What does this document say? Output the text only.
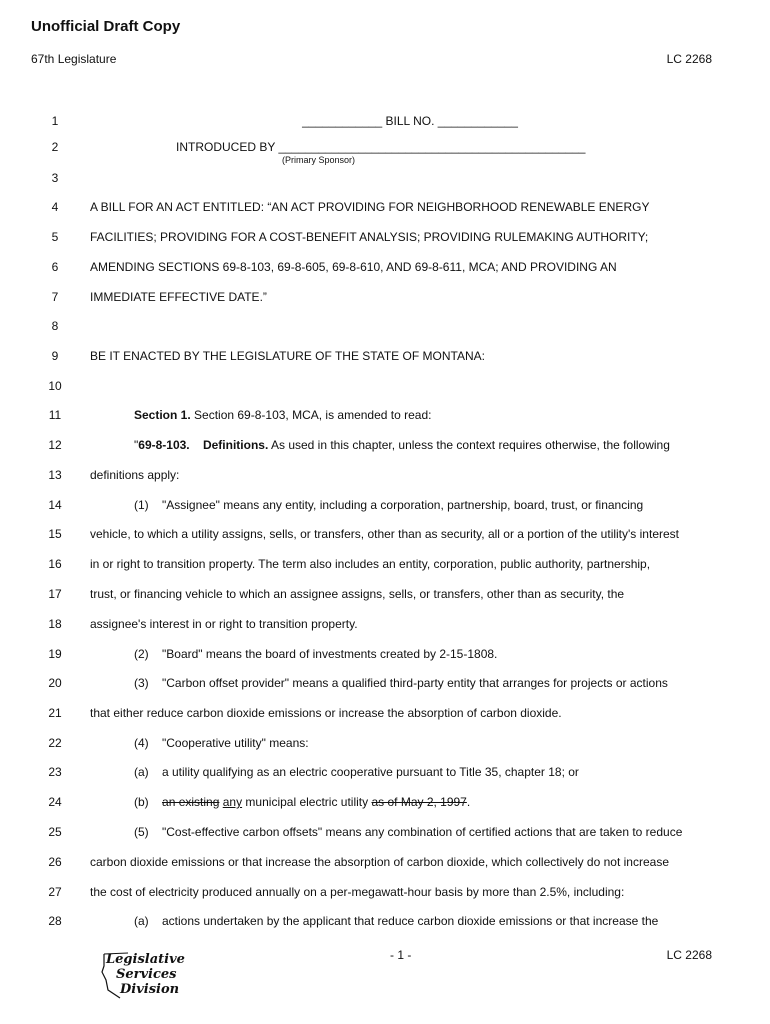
Unofficial Draft Copy
67th Legislature	LC 2268
1	____________ BILL NO. ____________
2	INTRODUCED BY ______________________________________________
(Primary Sponsor)
3
4	A BILL FOR AN ACT ENTITLED: “AN ACT PROVIDING FOR NEIGHBORHOOD RENEWABLE ENERGY
5	FACILITIES; PROVIDING FOR A COST-BENEFIT ANALYSIS; PROVIDING RULEMAKING AUTHORITY;
6	AMENDING SECTIONS 69-8-103, 69-8-605, 69-8-610, AND 69-8-611, MCA; AND PROVIDING AN
7	IMMEDIATE EFFECTIVE DATE.”
8
9	BE IT ENACTED BY THE LEGISLATURE OF THE STATE OF MONTANA:
10
11	Section 1. Section 69-8-103, MCA, is amended to read:
12	"69-8-103.    Definitions. As used in this chapter, unless the context requires otherwise, the following
13	definitions apply:
14	(1)    "Assignee" means any entity, including a corporation, partnership, board, trust, or financing
15	vehicle, to which a utility assigns, sells, or transfers, other than as security, all or a portion of the utility's interest
16	in or right to transition property. The term also includes an entity, corporation, public authority, partnership,
17	trust, or financing vehicle to which an assignee assigns, sells, or transfers, other than as security, the
18	assignee's interest in or right to transition property.
19	(2)    "Board" means the board of investments created by 2-15-1808.
20	(3)    "Carbon offset provider" means a qualified third-party entity that arranges for projects or actions
21	that either reduce carbon dioxide emissions or increase the absorption of carbon dioxide.
22	(4)    "Cooperative utility" means:
23	(a)    a utility qualifying as an electric cooperative pursuant to Title 35, chapter 18; or
24	(b)    an existing any municipal electric utility as of May 2, 1997.
25	(5)    "Cost-effective carbon offsets" means any combination of certified actions that are taken to reduce
26	carbon dioxide emissions or that increase the absorption of carbon dioxide, which collectively do not increase
27	the cost of electricity produced annually on a per-megawatt-hour basis by more than 2.5%, including:
28	(a)    actions undertaken by the applicant that reduce carbon dioxide emissions or that increase the
Legislative
Services
Division
- 1 -	LC 2268
